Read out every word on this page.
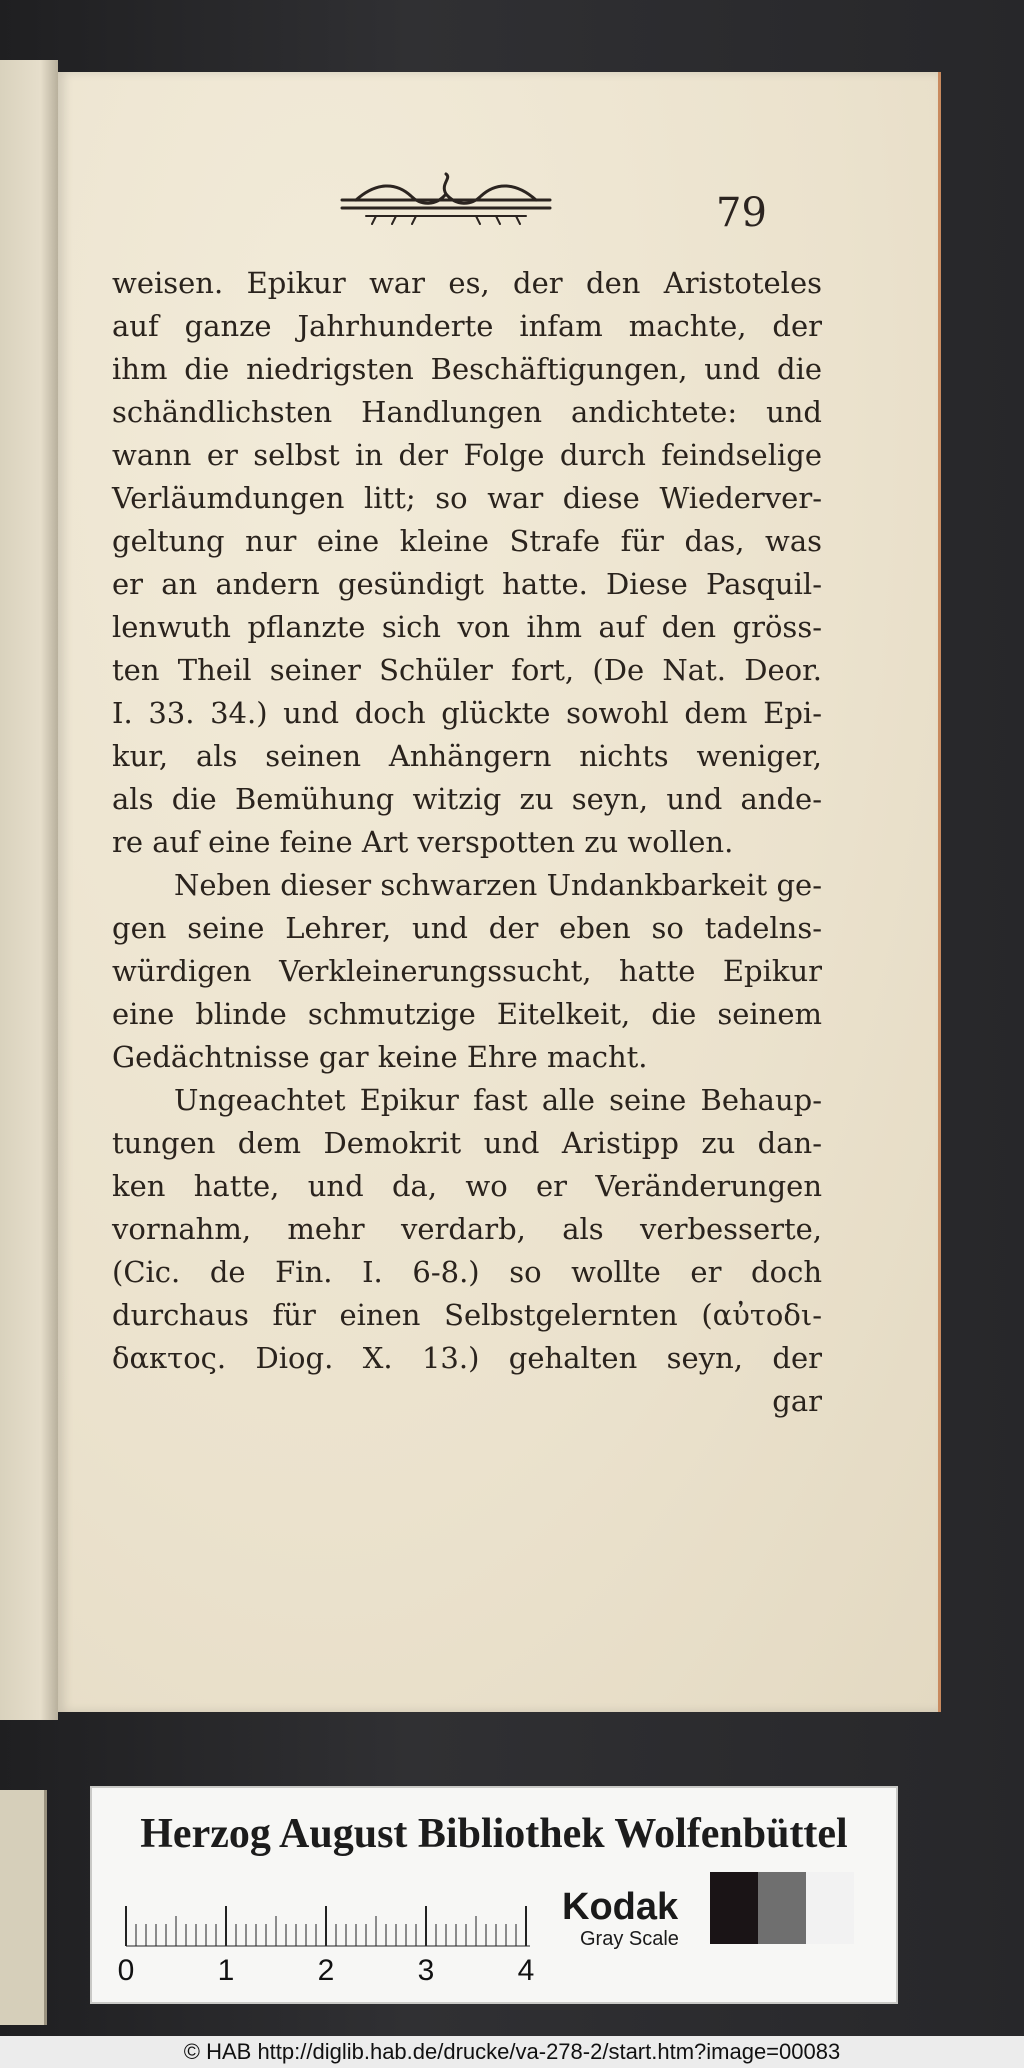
79
weisen. Epikur war es, der den Aristoteles
auf ganze Jahrhunderte infam machte, der
ihm die niedrigsten Beschäftigungen, und die
schändlichsten Handlungen andichtete: und
wann er selbst in der Folge durch feindselige
Verläumdungen litt; so war diese Wiederver-
geltung nur eine kleine Strafe für das, was
er an andern gesündigt hatte. Diese Pasquil-
lenwuth pflanzte sich von ihm auf den gröss-
ten Theil seiner Schüler fort, (De Nat. Deor.
I. 33. 34.) und doch glückte sowohl dem Epi-
kur, als seinen Anhängern nichts weniger,
als die Bemühung witzig zu seyn, und ande-
re auf eine feine Art verspotten zu wollen.
Neben dieser schwarzen Undankbarkeit ge-
gen seine Lehrer, und der eben so tadelns-
würdigen Verkleinerungssucht, hatte Epikur
eine blinde schmutzige Eitelkeit, die seinem
Gedächtnisse gar keine Ehre macht.
Ungeachtet Epikur fast alle seine Behaup-
tungen dem Demokrit und Aristipp zu dan-
ken hatte, und da, wo er Veränderungen
vornahm, mehr verdarb, als verbesserte,
(Cic. de Fin. I. 6-8.) so wollte er doch
durchaus für einen Selbstgelernten (αὐτοδι-
δακτος. Diog. X. 13.) gehalten seyn, der
gar
Herzog August Bibliothek Wolfenbüttel
0	1	2	3	4
Kodak
Gray Scale
© HAB http://diglib.hab.de/drucke/va-278-2/start.htm?image=00083
